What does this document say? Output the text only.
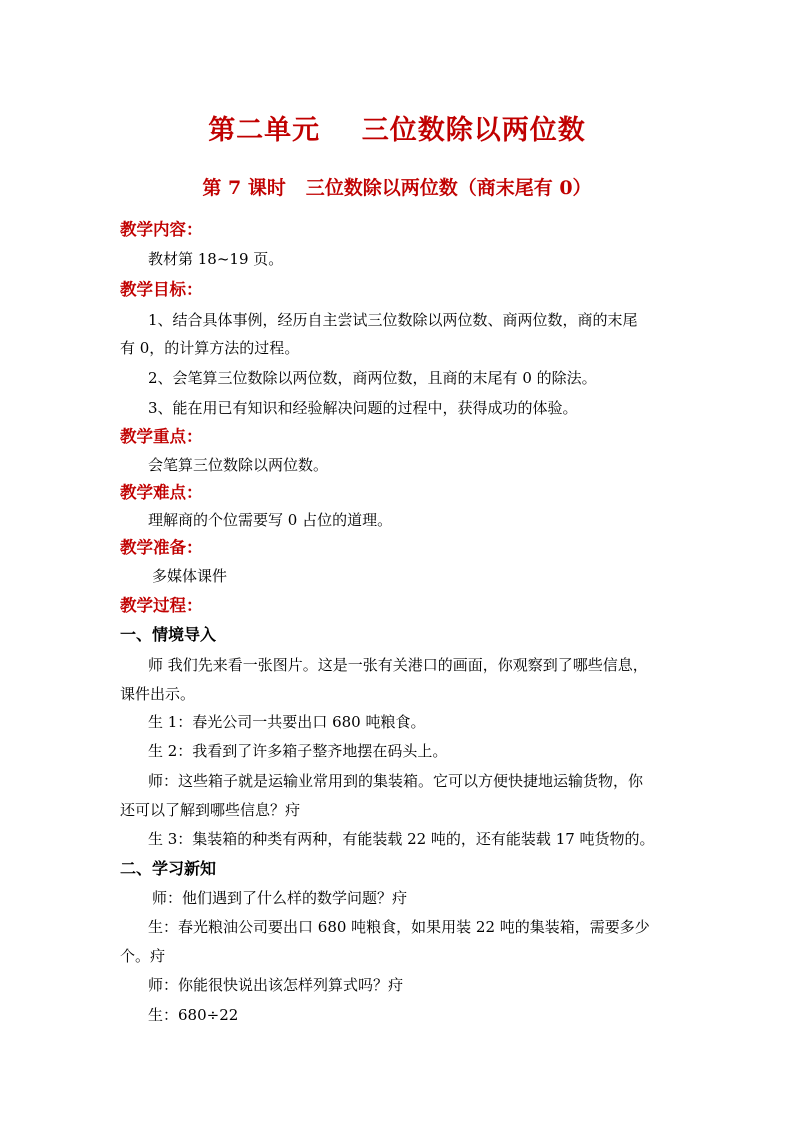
第二单元    三位数除以两位数
第 7 课时   三位数除以两位数（商末尾有 0）
教学内容：
教材第 18~19 页。
教学目标：
1、结合具体事例，经历自主尝试三位数除以两位数、商两位数，商的末尾
有 0，的计算方法的过程。
2、会笔算三位数除以两位数，商两位数，且商的末尾有 0 的除法。
3、能在用已有知识和经验解决问题的过程中，获得成功的体验。
教学重点：
会笔算三位数除以两位数。
教学难点：
理解商的个位需要写 0 占位的道理。
教学准备：
多媒体课件
教学过程：
一、情境导入
师 我们先来看一张图片。这是一张有关港口的画面，你观察到了哪些信息，
课件出示。
生 1：春光公司一共要出口 680 吨粮食。
生 2：我看到了许多箱子整齐地摆在码头上。
师：这些箱子就是运输业常用到的集装箱。它可以方便快捷地运输货物，你
还可以了解到哪些信息？疛
生 3：集装箱的种类有两种，有能装载 22 吨的，还有能装载 17 吨货物的。
二、学习新知
师：他们遇到了什么样的数学问题？疛
生：春光粮油公司要出口 680 吨粮食，如果用装 22 吨的集装箱，需要多少
个。疛
师：你能很快说出该怎样列算式吗？疛
生：680÷22
